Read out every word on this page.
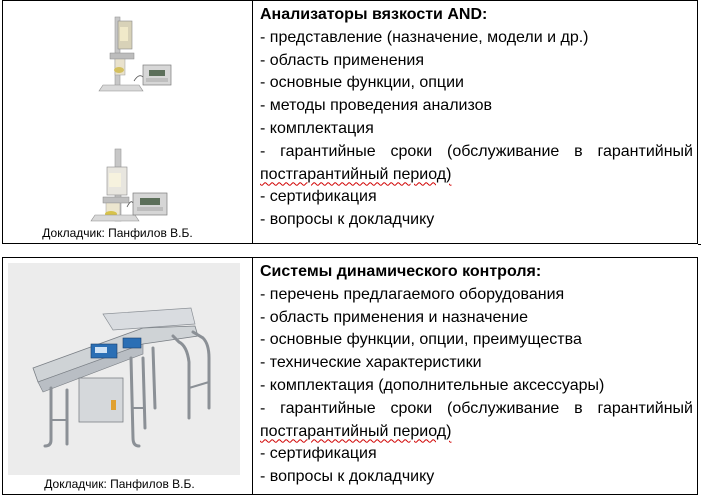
Докладчик: Панфилов В.Б.
Анализаторы вязкости AND:
- представление (назначение, модели и др.)
- область применения
- основные функции, опции
- методы проведения анализов
- комплектация
- гарантийные сроки (обслуживание в гарантийный
постгарантийный период)
- сертификация
- вопросы к докладчику
Докладчик: Панфилов В.Б.
Системы динамического контроля:
- перечень предлагаемого оборудования
- область применения и назначение
- основные функции, опции, преимущества
- технические характеристики
- комплектация (дополнительные аксессуары)
- гарантийные сроки (обслуживание в гарантийный
постгарантийный период)
- сертификация
- вопросы к докладчику
